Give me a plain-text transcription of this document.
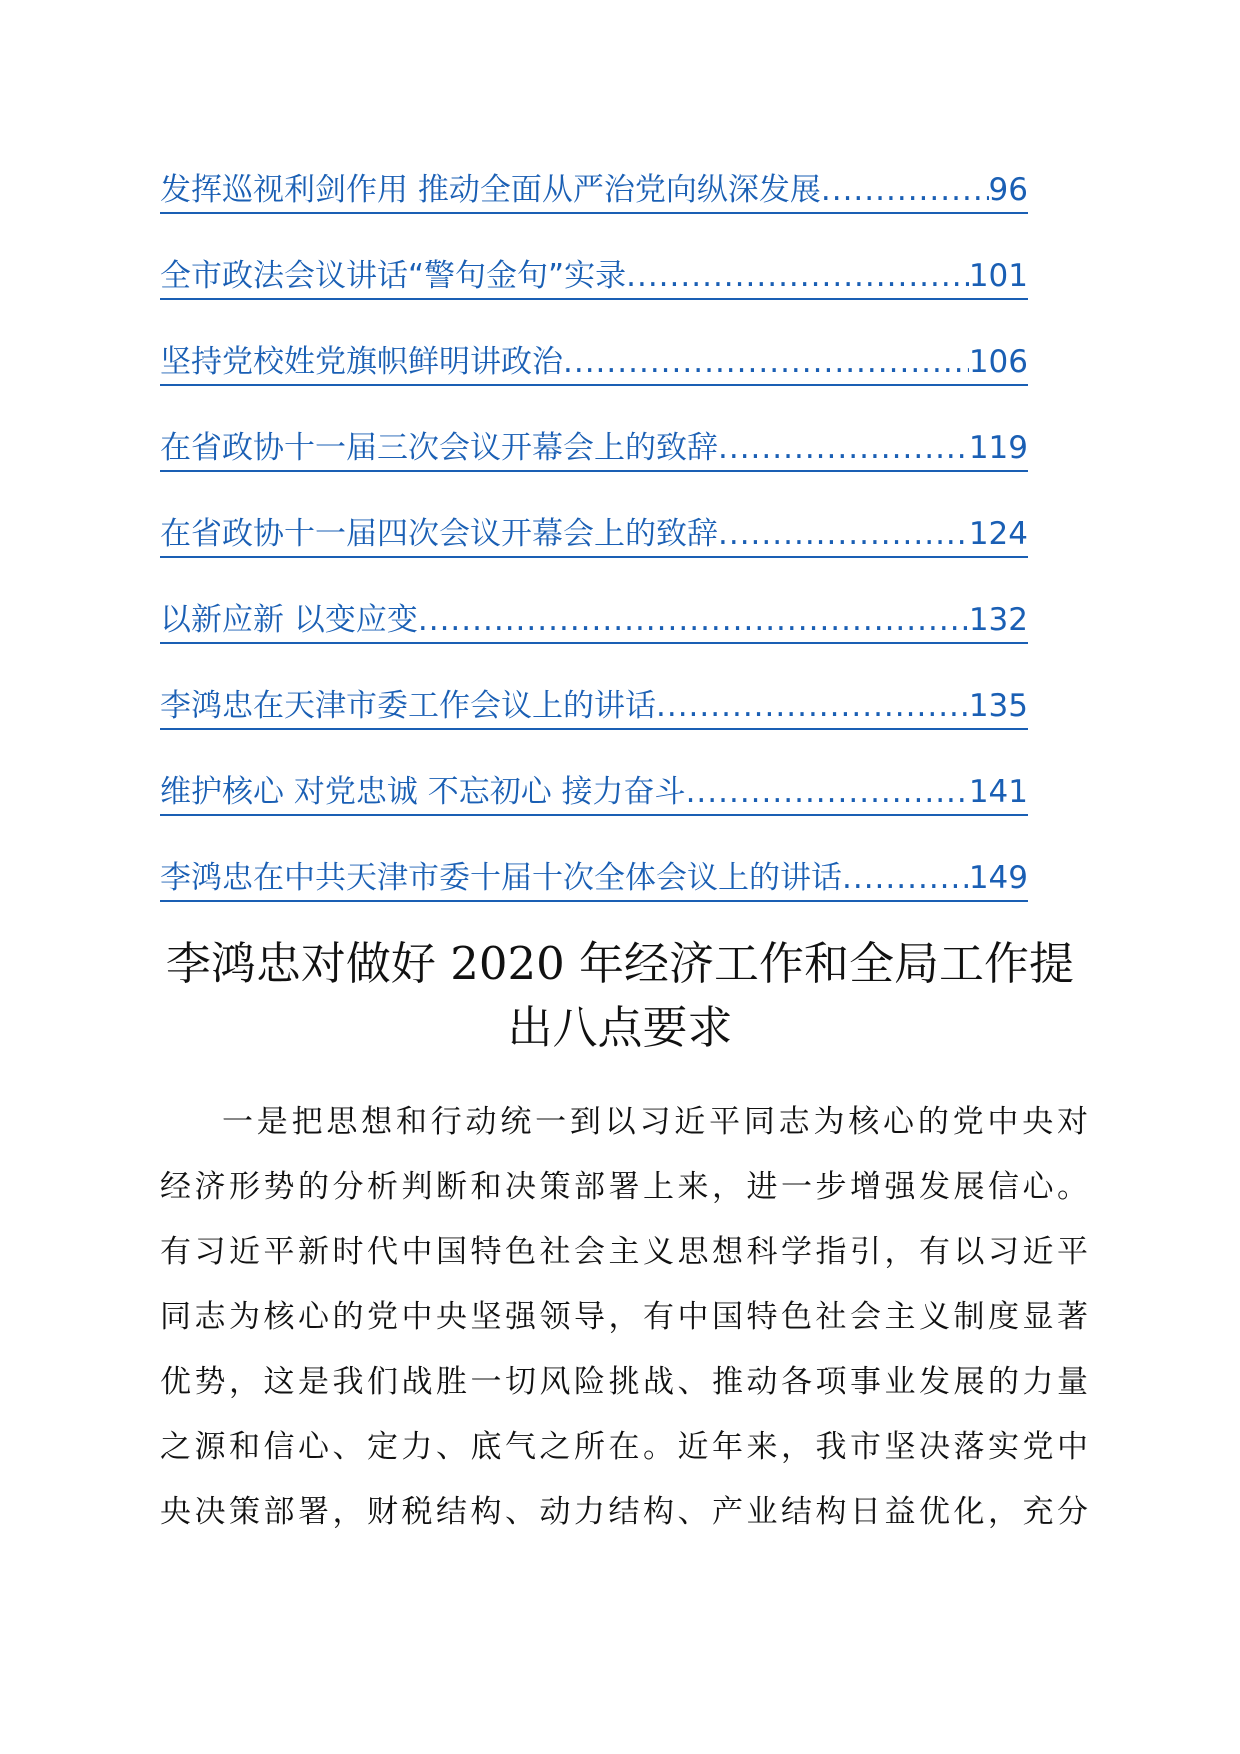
发挥巡视利剑作用 推动全面从严治党向纵深发展 .....	96
全市政法会议讲话“警句金句”实录 .....	101
坚持党校姓党旗帜鲜明讲政治 .....	106
在省政协十一届三次会议开幕会上的致辞 .....	119
在省政协十一届四次会议开幕会上的致辞 .....	124
以新应新 以变应变 .....	132
李鸿忠在天津市委工作会议上的讲话 .....	135
维护核心 对党忠诚 不忘初心 接力奋斗 .....	141
李鸿忠在中共天津市委十届十次全体会议上的讲话 .....	149
李鸿忠对做好 2020 年经济工作和全局工作提
出八点要求
一是把思想和行动统一到以习近平同志为核心的党中央对
经济形势的分析判断和决策部署上来，进一步增强发展信心。
有习近平新时代中国特色社会主义思想科学指引，有以习近平
同志为核心的党中央坚强领导，有中国特色社会主义制度显著
优势，这是我们战胜一切风险挑战、推动各项事业发展的力量
之源和信心、定力、底气之所在。近年来，我市坚决落实党中
央决策部署，财税结构、动力结构、产业结构日益优化，充分
